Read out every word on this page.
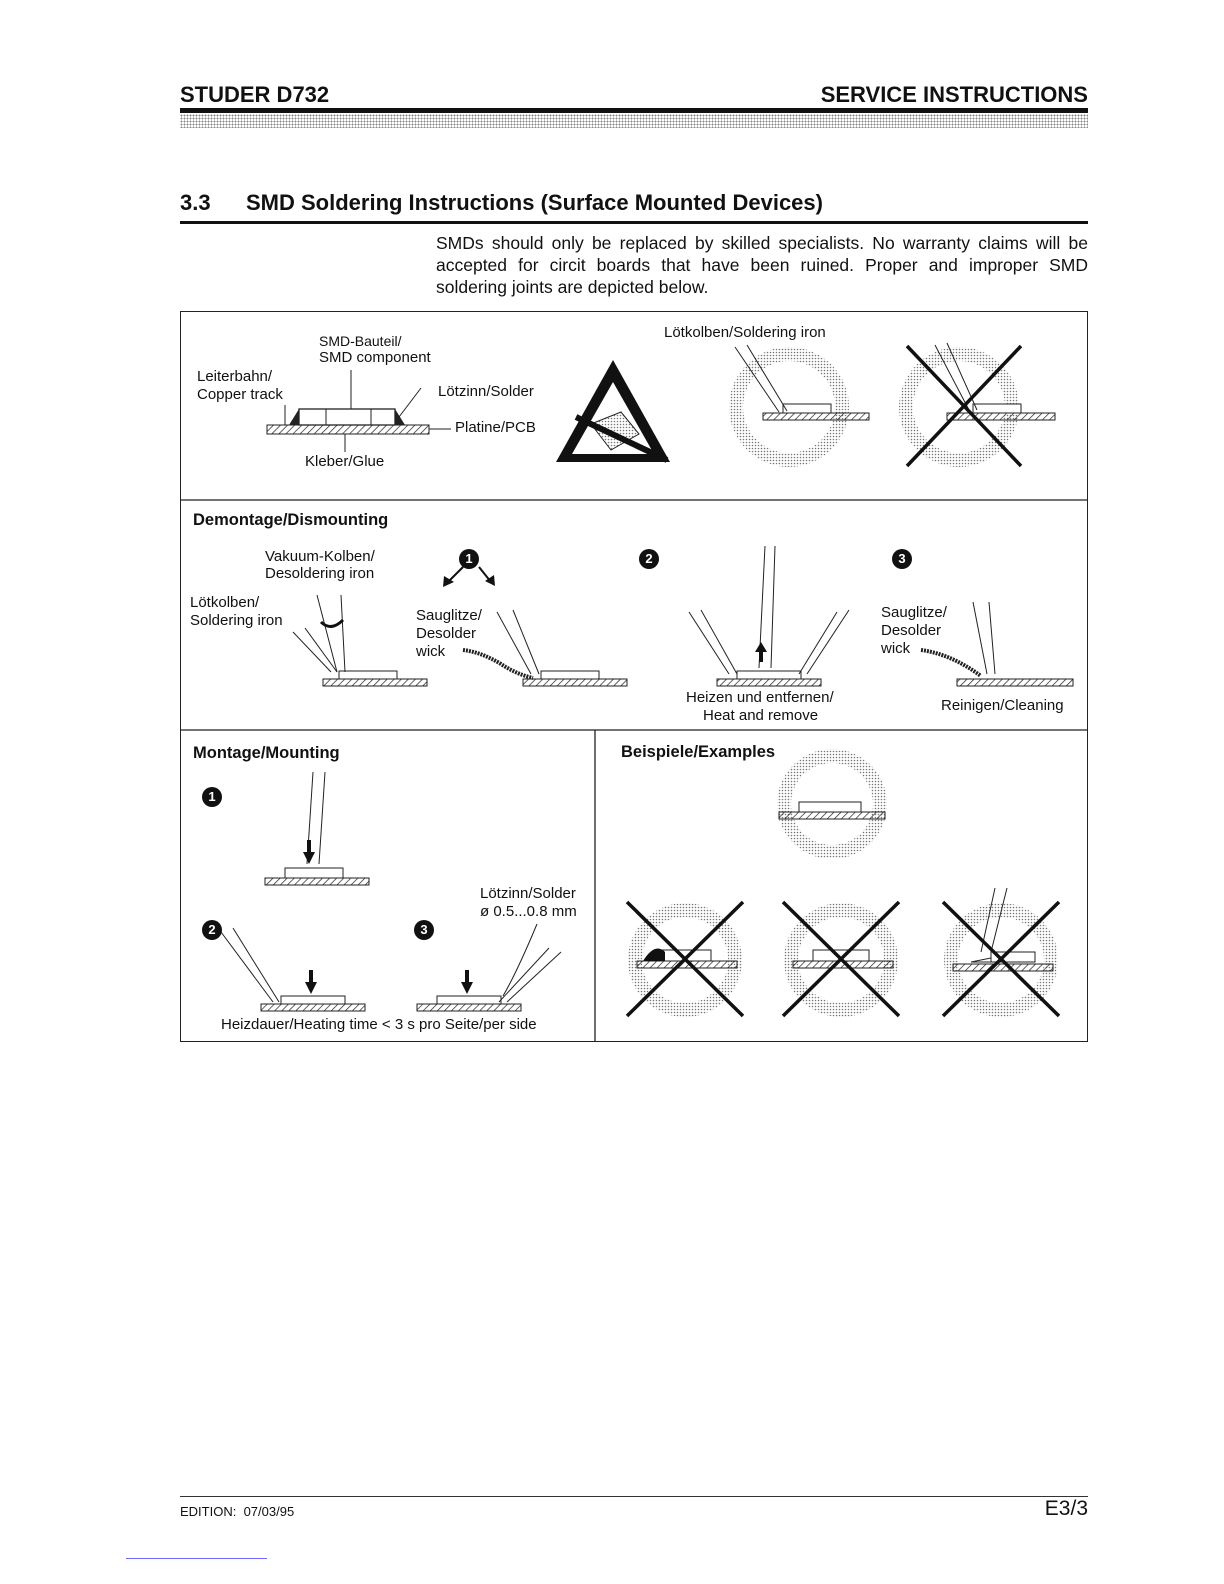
STUDER D732	SERVICE INSTRUCTIONS
3.3 SMD Soldering Instructions (Surface Mounted Devices)
SMDs should only be replaced by skilled specialists. No warranty claims will be accepted for circit boards that have been ruined. Proper and improper SMD soldering joints are depicted below.
SMD-Bauteil/
SMD component
Leiterbahn/
Copper track	Lötzinn/Solder
Platine/PCB
Kleber/Glue
Lötkolben/Soldering iron
Demontage/Dismounting
Vakuum-Kolben/
Desoldering iron
Lötkolben/
Soldering iron	Sauglitze/
Desolder
wick
1	2	3
Heizen und entfernen/
Heat and remove
Sauglitze/
Desolder
wick
Reinigen/Cleaning
Montage/Mounting
1
2	3
Lötzinn/Solder
ø 0.5...0.8 mm
Heizdauer/Heating time < 3 s pro Seite/per side
Beispiele/Examples
EDITION: 07/03/95	E3/3
